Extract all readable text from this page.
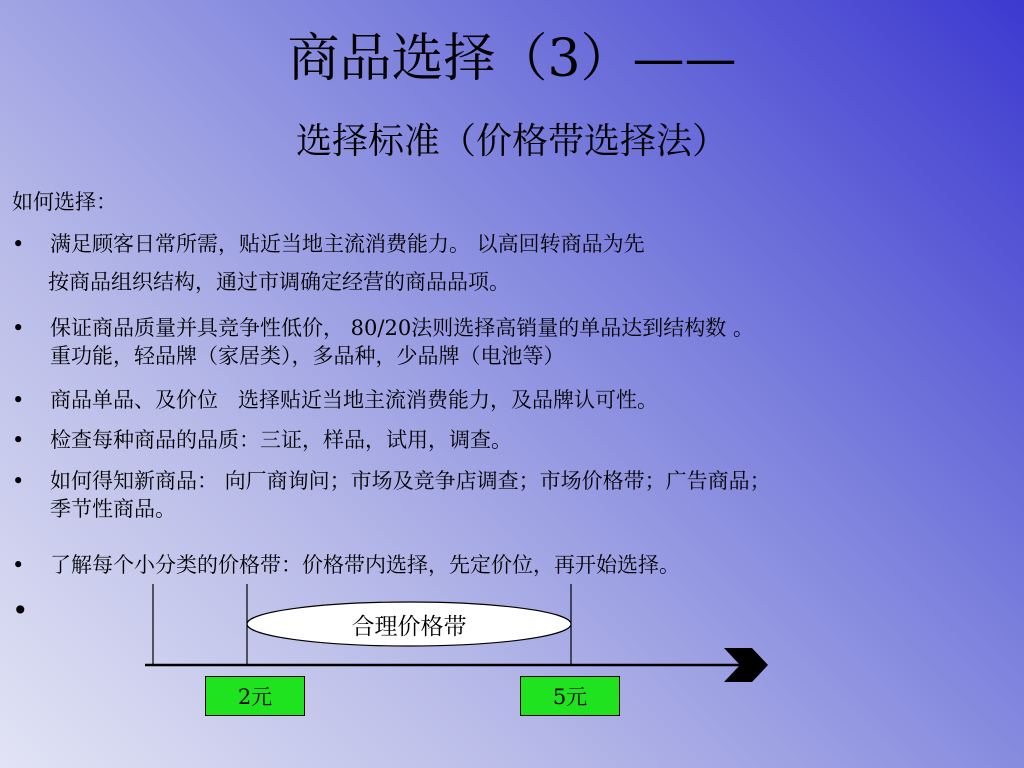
商品选择（3）——
选择标准（价格带选择法）
如何选择：
•	满足顾客日常所需，贴近当地主流消费能力。 以高回转商品为先
按商品组织结构，通过市调确定经营的商品品项。
•	保证商品质量并具竞争性低价， 80/20法则选择高销量的单品达到结构数 。
重功能，轻品牌（家居类），多品种，少品牌（电池等）
•	商品单品、及价位   选择贴近当地主流消费能力，及品牌认可性。
•	检查每种商品的品质：三证，样品，试用，调查。
•	如何得知新商品： 向厂商询问；市场及竞争店调查；市场价格带；广告商品；
季节性商品。
•	了解每个小分类的价格带：价格带内选择，先定价位，再开始选择。
•	合理价格带
2元	5元
